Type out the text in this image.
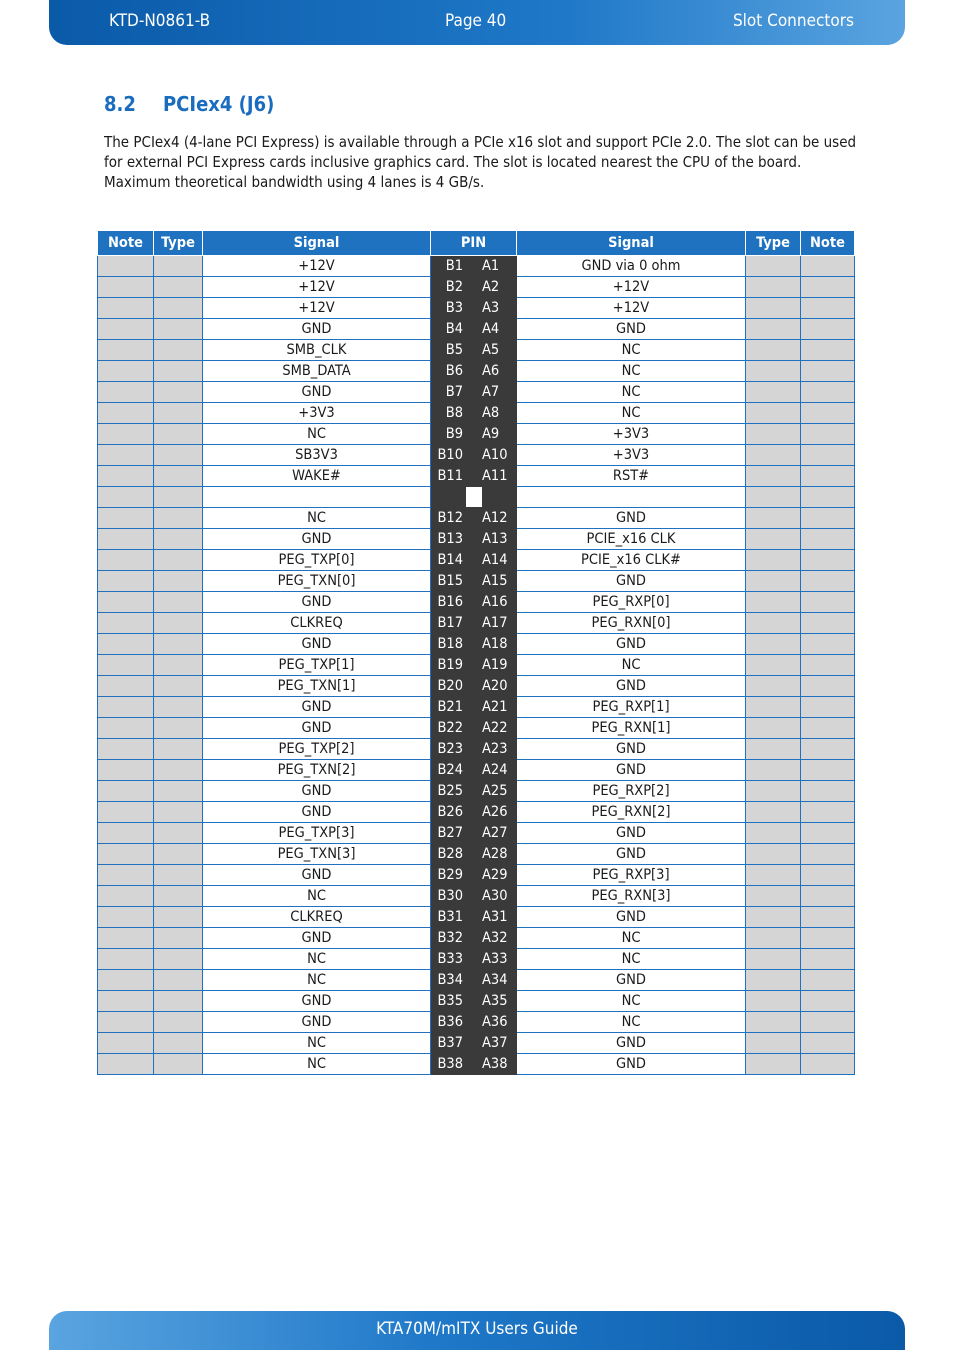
KTD-N0861-B	Page 40	Slot Connectors
8.2 PCIex4 (J6)

The PCIex4 (4-lane PCI Express) is available through a PCIe x16 slot and support PCIe 2.0. The slot can be used for external PCI Express cards inclusive graphics card. The slot is located nearest the CPU of the board. Maximum theoretical bandwidth using 4 lanes is 4 GB/s.

Note	Type	Signal	PIN		Signal	Type	Note
		+12V	B1	A1	GND via 0 ohm		
		+12V	B2	A2	+12V		
		+12V	B3	A3	+12V		
		GND	B4	A4	GND		
		SMB_CLK	B5	A5	NC		
		SMB_DATA	B6	A6	NC		
		GND	B7	A7	NC		
		+3V3	B8	A8	NC		
		NC	B9	A9	+3V3		
		SB3V3	B10	A10	+3V3		
		WAKE#	B11	A11	RST#		

		NC	B12	A12	GND		
		GND	B13	A13	PCIE_x16 CLK		
		PEG_TXP[0]	B14	A14	PCIE_x16 CLK#		
		PEG_TXN[0]	B15	A15	GND		
		GND	B16	A16	PEG_RXP[0]		
		CLKREQ	B17	A17	PEG_RXN[0]		
		GND	B18	A18	GND		
		PEG_TXP[1]	B19	A19	NC		
		PEG_TXN[1]	B20	A20	GND		
		GND	B21	A21	PEG_RXP[1]		
		GND	B22	A22	PEG_RXN[1]		
		PEG_TXP[2]	B23	A23	GND		
		PEG_TXN[2]	B24	A24	GND		
		GND	B25	A25	PEG_RXP[2]		
		GND	B26	A26	PEG_RXN[2]		
		PEG_TXP[3]	B27	A27	GND		
		PEG_TXN[3]	B28	A28	GND		
		GND	B29	A29	PEG_RXP[3]		
		NC	B30	A30	PEG_RXN[3]		
		CLKREQ	B31	A31	GND		
		GND	B32	A32	NC		
		NC	B33	A33	NC		
		NC	B34	A34	GND		
		GND	B35	A35	NC		
		GND	B36	A36	NC		
		NC	B37	A37	GND		
		NC	B38	A38	GND		
KTA70M/mITX Users Guide
